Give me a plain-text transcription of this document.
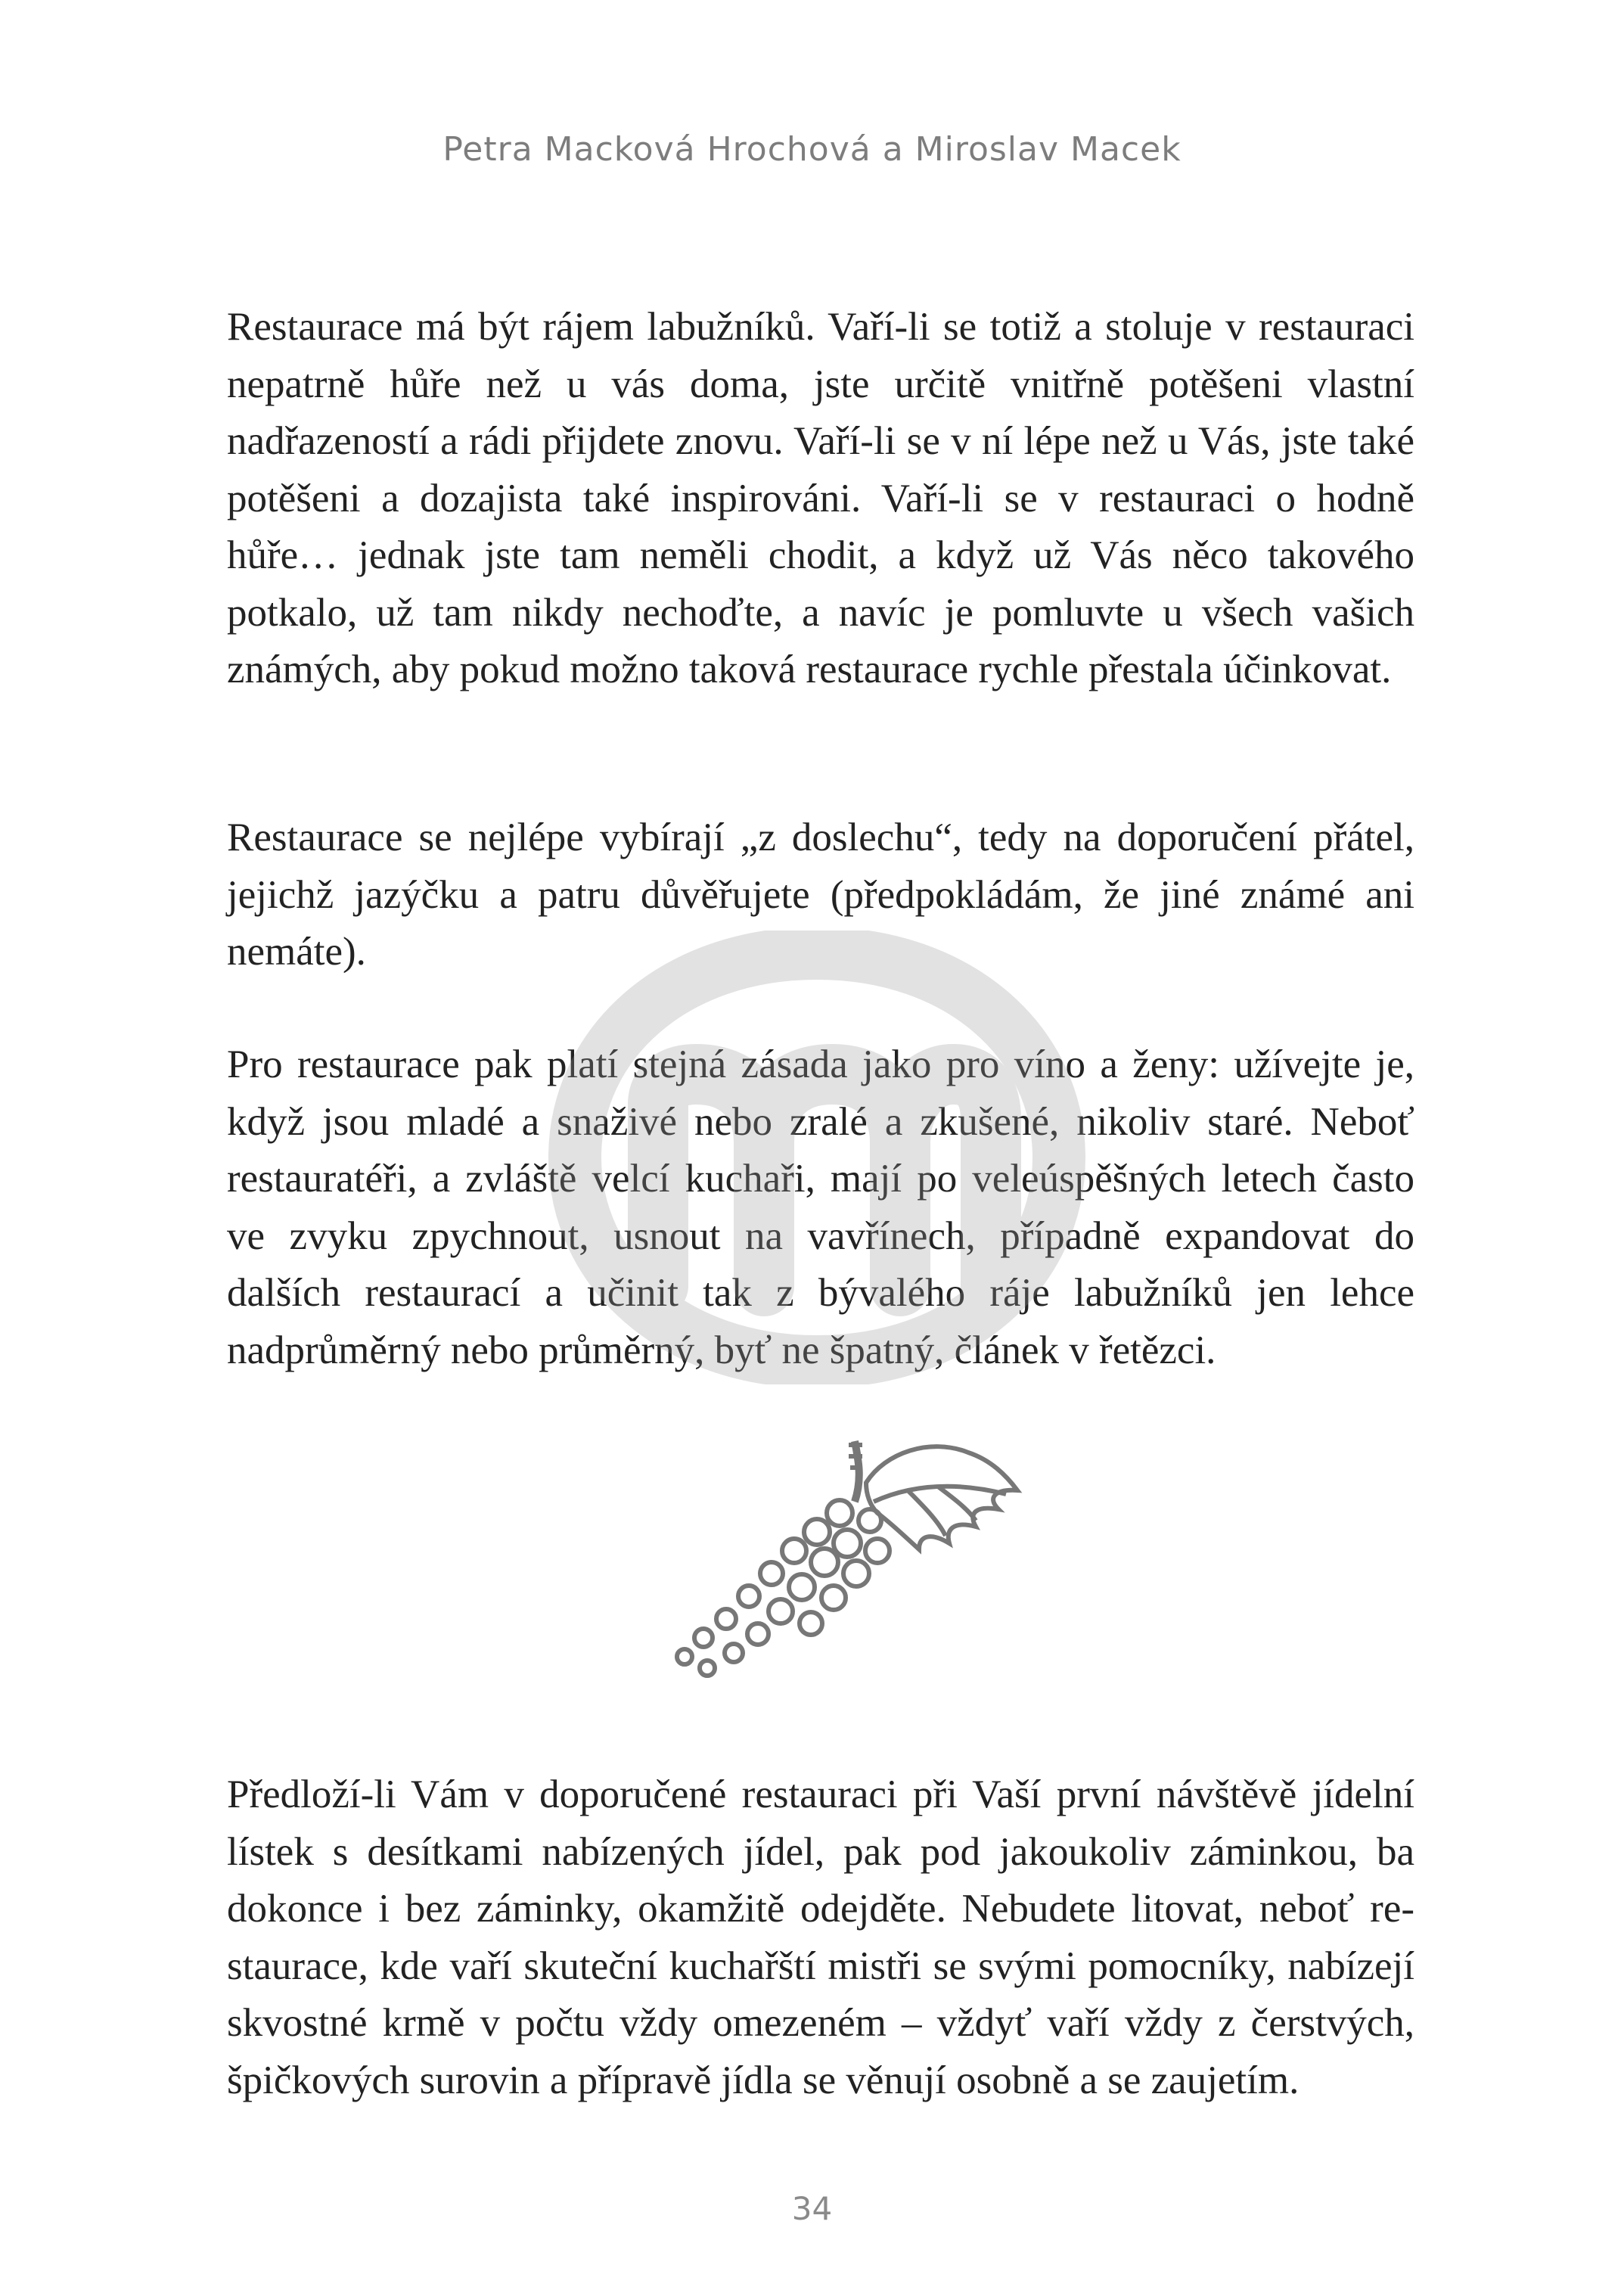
Petra Macková Hrochová a Miroslav Macek

Restaurace má být rájem labužníků. Vaří-li se totiž a stoluje v restauraci nepatrně hůře než u vás doma, jste určitě vnitřně potěšeni vlastní nadřazeností a rádi přijdete znovu. Vaří-li se v ní lépe než u Vás, jste také potěšeni a dozajista také inspirováni. Vaří-li se v restauraci o hodně hůře… jednak jste tam neměli chodit, a když už Vás něco takového potkalo, už tam nikdy nechoďte, a navíc je pomluvte u všech vašich známých, aby pokud možno taková restaurace rychle přestala účinkovat.

Restaurace se nejlépe vybírají „z doslechu“, tedy na doporučení přátel, jejichž jazýčku a patru důvěřujete (předpokládám, že jiné známé ani nemáte).

Pro restaurace pak platí stejná zásada jako pro víno a ženy: užívejte je, když jsou mladé a snaživé nebo zralé a zkušené, nikoliv staré. Neboť restauratéři, a zvláště velcí kuchaři, mají po veleúspěšných letech často ve zvyku zpychnout, usnout na vavřínech, případně expandovat do dalších restaurací a učinit tak z bývalého ráje labužníků jen lehce nadprůměrný nebo průměrný, byť ne špatný, článek v řetězci.

Předloží-li Vám v doporučené restauraci při Vaší první návštěvě jídelní lístek s desítkami nabízených jídel, pak pod jakoukoliv záminkou, ba dokonce i bez záminky, okamžitě odejděte. Nebudete litovat, neboť restaurace, kde vaří skuteční kuchařští mistři se svými pomocníky, nabízejí skvostné krmě v počtu vždy omezeném – vždyť vaří vždy z čerstvých, špičkových surovin a přípravě jídla se věnují osobně a se zaujetím.

34
